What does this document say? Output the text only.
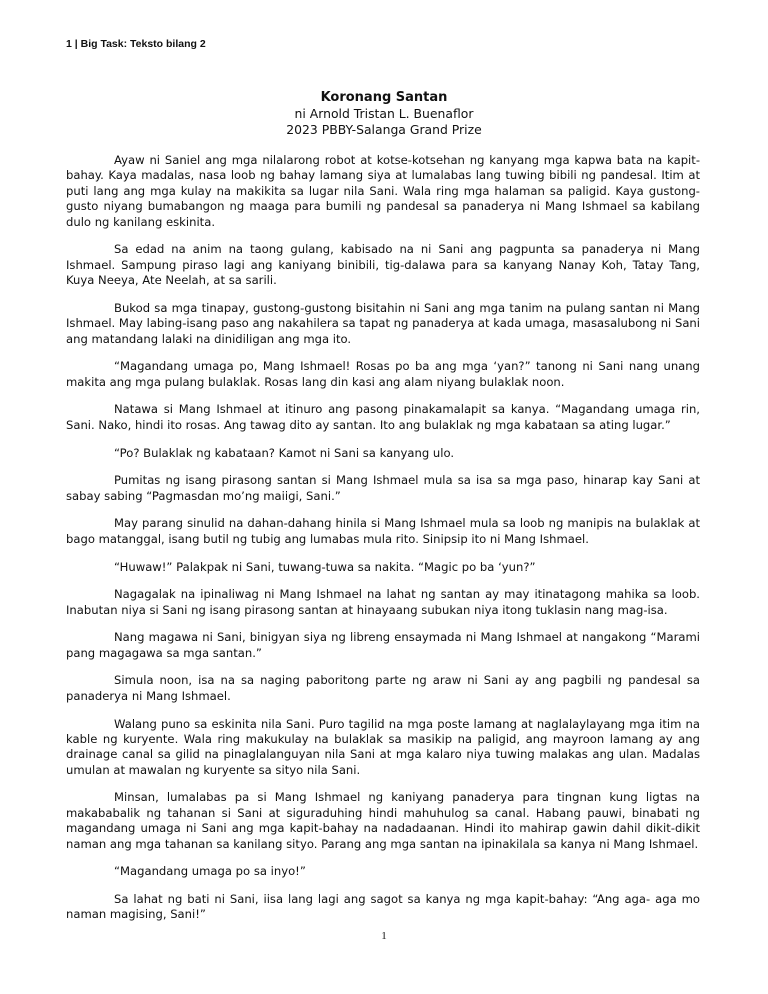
1 | Big Task: Teksto bilang 2
Koronang Santan
ni Arnold Tristan L. Buenaflor
2023 PBBY-Salanga Grand Prize

Ayaw ni Saniel ang mga nilalarong robot at kotse-kotsehan ng kanyang mga kapwa bata na kapit-bahay. Kaya madalas, nasa loob ng bahay lamang siya at lumalabas lang tuwing bibili ng pandesal. Itim at puti lang ang mga kulay na makikita sa lugar nila Sani. Wala ring mga halaman sa paligid. Kaya gustong-gusto niyang bumabangon ng maaga para bumili ng pandesal sa panaderya ni Mang Ishmael sa kabilang dulo ng kanilang eskinita.

Sa edad na anim na taong gulang, kabisado na ni Sani ang pagpunta sa panaderya ni Mang Ishmael. Sampung piraso lagi ang kaniyang binibili, tig-dalawa para sa kanyang Nanay Koh, Tatay Tang, Kuya Neeya, Ate Neelah, at sa sarili.

Bukod sa mga tinapay, gustong-gustong bisitahin ni Sani ang mga tanim na pulang santan ni Mang Ishmael. May labing-isang paso ang nakahilera sa tapat ng panaderya at kada umaga, masasalubong ni Sani ang matandang lalaki na dinidiligan ang mga ito.

“Magandang umaga po, Mang Ishmael! Rosas po ba ang mga ‘yan?” tanong ni Sani nang unang makita ang mga pulang bulaklak. Rosas lang din kasi ang alam niyang bulaklak noon.

Natawa si Mang Ishmael at itinuro ang pasong pinakamalapit sa kanya. “Magandang umaga rin, Sani. Nako, hindi ito rosas. Ang tawag dito ay santan. Ito ang bulaklak ng mga kabataan sa ating lugar.”

“Po? Bulaklak ng kabataan? Kamot ni Sani sa kanyang ulo.

Pumitas ng isang pirasong santan si Mang Ishmael mula sa isa sa mga paso, hinarap kay Sani at sabay sabing “Pagmasdan mo’ng maiigi, Sani.”

May parang sinulid na dahan-dahang hinila si Mang Ishmael mula sa loob ng manipis na bulaklak at bago matanggal, isang butil ng tubig ang lumabas mula rito. Sinipsip ito ni Mang Ishmael.

“Huwaw!” Palakpak ni Sani, tuwang-tuwa sa nakita. “Magic po ba ‘yun?”

Nagagalak na ipinaliwag ni Mang Ishmael na lahat ng santan ay may itinatagong mahika sa loob. Inabutan niya si Sani ng isang pirasong santan at hinayaang subukan niya itong tuklasin nang mag-isa.

Nang magawa ni Sani, binigyan siya ng libreng ensaymada ni Mang Ishmael at nangakong “Marami pang magagawa sa mga santan.”

Simula noon, isa na sa naging paboritong parte ng araw ni Sani ay ang pagbili ng pandesal sa panaderya ni Mang Ishmael.

Walang puno sa eskinita nila Sani. Puro tagilid na mga poste lamang at naglalaylayang mga itim na kable ng kuryente. Wala ring makukulay na bulaklak sa masikip na paligid, ang mayroon lamang ay ang drainage canal sa gilid na pinaglalanguyan nila Sani at mga kalaro niya tuwing malakas ang ulan. Madalas umulan at mawalan ng kuryente sa sityo nila Sani.

Minsan, lumalabas pa si Mang Ishmael ng kaniyang panaderya para tingnan kung ligtas na makababalik ng tahanan si Sani at siguraduhing hindi mahuhulog sa canal. Habang pauwi, binabati ng magandang umaga ni Sani ang mga kapit-bahay na nadadaanan. Hindi ito mahirap gawin dahil dikit-dikit naman ang mga tahanan sa kanilang sityo. Parang ang mga santan na ipinakilala sa kanya ni Mang Ishmael.

“Magandang umaga po sa inyo!”

Sa lahat ng bati ni Sani, iisa lang lagi ang sagot sa kanya ng mga kapit-bahay: “Ang aga- aga mo naman magising, Sani!”

1
